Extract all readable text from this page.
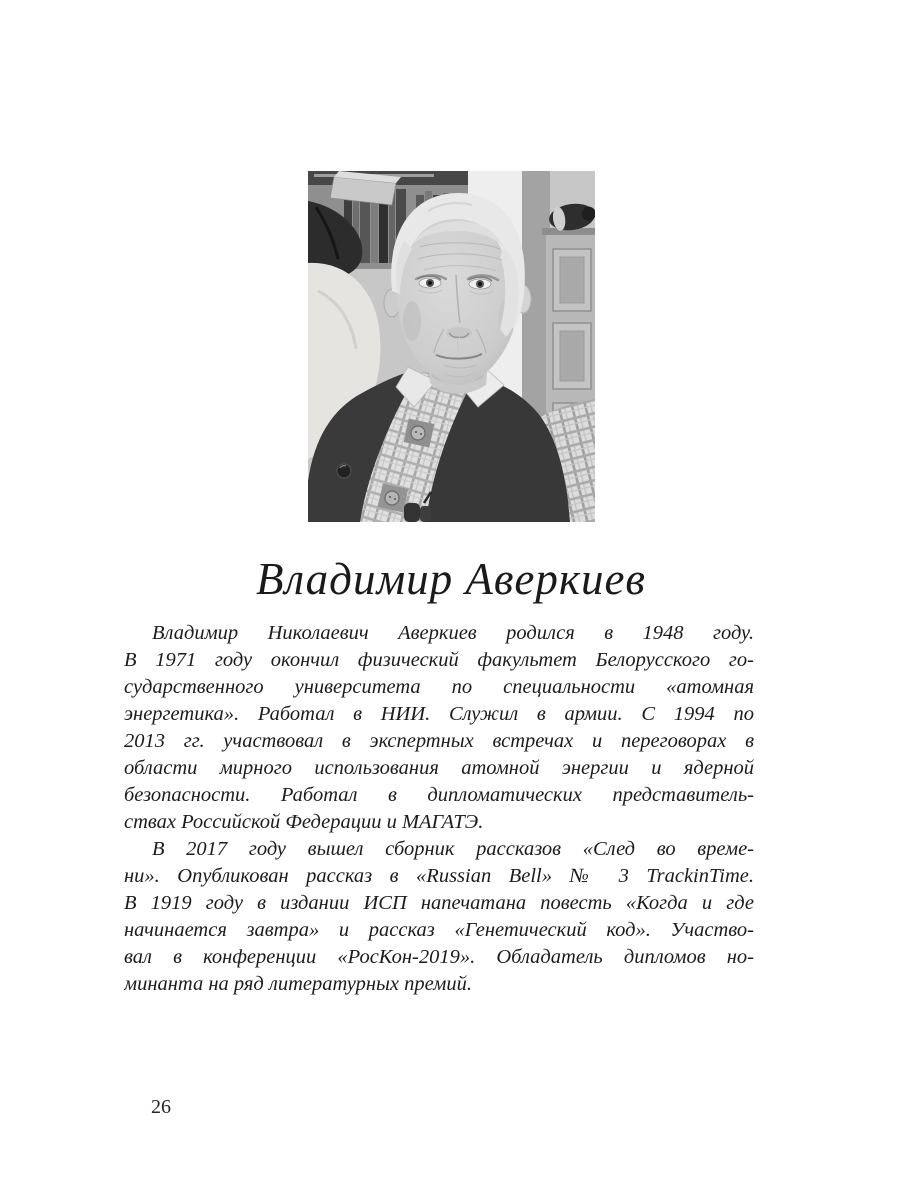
Владимир Аверкиев
Владимир Николаевич Аверкиев родился в 1948 году.
В 1971 году окончил физический факультет Белорусского го-
сударственного университета по специальности «атомная
энергетика». Работал в НИИ. Служил в армии. С 1994 по
2013 гг. участвовал в экспертных встречах и переговорах в
области мирного использования атомной энергии и ядерной
безопасности. Работал в дипломатических представитель-
ствах Российской Федерации и МАГАТЭ.
В 2017 году вышел сборник рассказов «След во време-
ни». Опубликован рассказ в «Russian Bell» № 3 TrackinTime.
В 1919 году в издании ИСП напечатана повесть «Когда и где
начинается завтра» и рассказ «Генетический код». Участво-
вал в конференции «РосКон-2019». Обладатель дипломов но-
минанта на ряд литературных премий.
26
